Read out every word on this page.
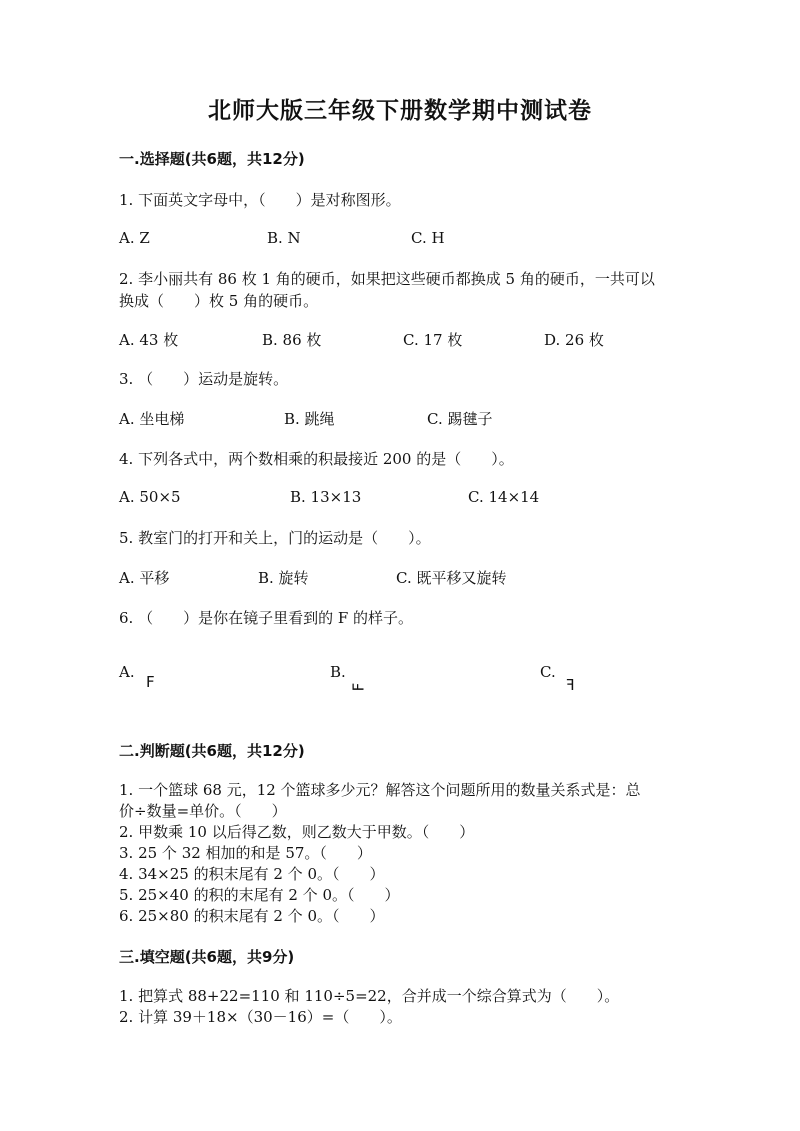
北师大版三年级下册数学期中测试卷
一.选择题(共6题，共12分)
1. 下面英文字母中，（　　）是对称图形。
A. Z	B. N	C. H
2. 李小丽共有 86 枚 1 角的硬币，如果把这些硬币都换成 5 角的硬币，一共可以
换成（　　）枚 5 角的硬币。
A. 43 枚	B. 86 枚	C. 17 枚	D. 26 枚
3. （　　）运动是旋转。
A. 坐电梯	B. 跳绳	C. 踢毽子
4. 下列各式中，两个数相乘的积最接近 200 的是（　　）。
A. 50×5	B. 13×13	C. 14×14
5. 教室门的打开和关上，门的运动是（　　）。
A. 平移	B. 旋转	C. 既平移又旋转
6. （　　）是你在镜子里看到的 F 的样子。
A.
F
B.
F
C.
F
二.判断题(共6题，共12分)
1. 一个篮球 68 元，12 个篮球多少元？解答这个问题所用的数量关系式是：总
价÷数量=单价。（　　）
2. 甲数乘 10 以后得乙数，则乙数大于甲数。（　　）
3. 25 个 32 相加的和是 57。（　　）
4. 34×25 的积末尾有 2 个 0。（　　）
5. 25×40 的积的末尾有 2 个 0。（　　）
6. 25×80 的积末尾有 2 个 0。（　　）
三.填空题(共6题，共9分)
1. 把算式 88+22=110 和 110÷5=22，合并成一个综合算式为（　　）。
2. 计算 39＋18×（30－16）=（　　）。
